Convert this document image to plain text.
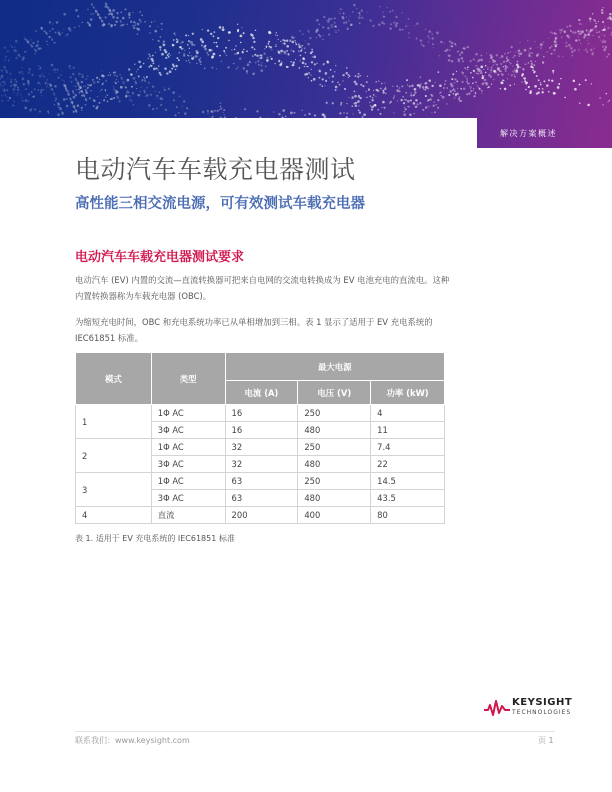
解决方案概述
电动汽车车载充电器测试
高性能三相交流电源，可有效测试车载充电器
电动汽车车载充电器测试要求

电动汽车 (EV) 内置的交流—直流转换器可把来自电网的交流电转换成为 EV 电池充电的直流电。这种内置转换器称为车载充电器 (OBC)。

为缩短充电时间，OBC 和充电系统功率已从单相增加到三相。表 1 显示了适用于 EV 充电系统的 IEC61851 标准。

模式	类型	最大电源		
		电流 (A)	电压 (V)	功率 (kW)
1	1Φ AC	16	250	4
	3Φ AC	16	480	11
2	1Φ AC	32	250	7.4
	3Φ AC	32	480	22
3	1Φ AC	63	250	14.5
	3Φ AC	63	480	43.5
4	直流	200	400	80
表 1. 适用于 EV 充电系统的 IEC61851 标准
KEYSIGHT
TECHNOLOGIES
联系我们：www.keysight.com	页 1
